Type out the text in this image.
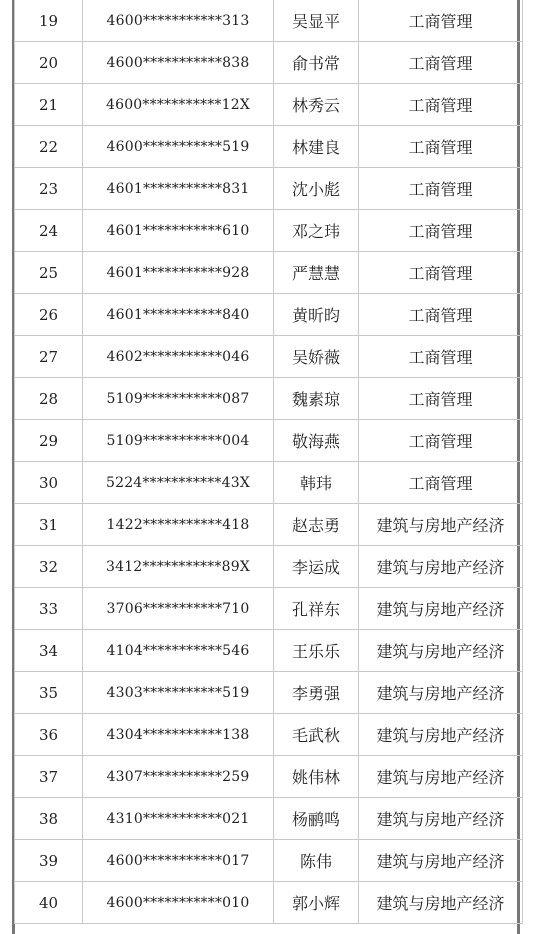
19	4600***********313	吴显平	工商管理
20	4600***********838	俞书常	工商管理
21	4600***********12X	林秀云	工商管理
22	4600***********519	林建良	工商管理
23	4601***********831	沈小彪	工商管理
24	4601***********610	邓之玮	工商管理
25	4601***********928	严慧慧	工商管理
26	4601***********840	黄昕昀	工商管理
27	4602***********046	吴娇薇	工商管理
28	5109***********087	魏素琼	工商管理
29	5109***********004	敬海燕	工商管理
30	5224***********43X	韩玮	工商管理
31	1422***********418	赵志勇	建筑与房地产经济
32	3412***********89X	李运成	建筑与房地产经济
33	3706***********710	孔祥东	建筑与房地产经济
34	4104***********546	王乐乐	建筑与房地产经济
35	4303***********519	李勇强	建筑与房地产经济
36	4304***********138	毛武秋	建筑与房地产经济
37	4307***********259	姚伟林	建筑与房地产经济
38	4310***********021	杨鹂鸣	建筑与房地产经济
39	4600***********017	陈伟	建筑与房地产经济
40	4600***********010	郭小辉	建筑与房地产经济
